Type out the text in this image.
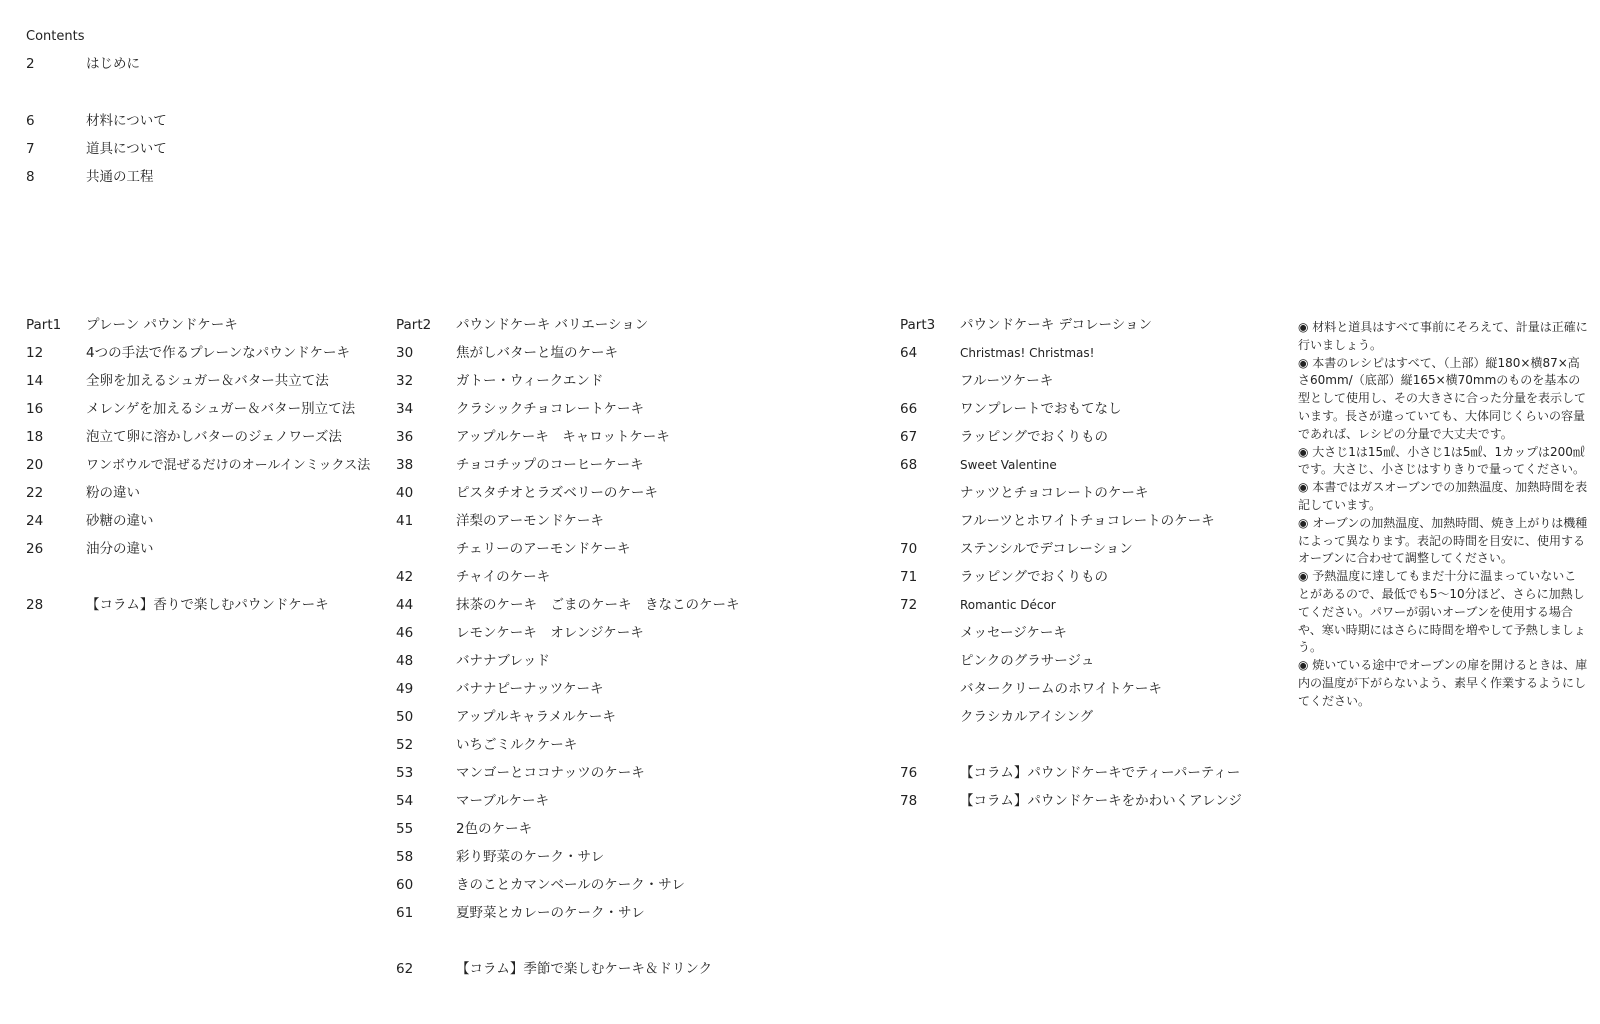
Contents
2	はじめに
6	材料について
7	道具について
8	共通の工程
Part1 プレーン パウンドケーキ
12	4つの手法で作るプレーンなパウンドケーキ
14	全卵を加えるシュガー＆バター共立て法
16	メレンゲを加えるシュガー＆バター別立て法
18	泡立て卵に溶かしバターのジェノワーズ法
20	ワンボウルで混ぜるだけのオールインミックス法
22	粉の違い
24	砂糖の違い
26	油分の違い
28	【コラム】香りで楽しむパウンドケーキ
Part2 パウンドケーキ バリエーション
30	焦がしバターと塩のケーキ
32	ガトー・ウィークエンド
34	クラシックチョコレートケーキ
36	アップルケーキ　キャロットケーキ
38	チョコチップのコーヒーケーキ
40	ピスタチオとラズベリーのケーキ
41	洋梨のアーモンドケーキ
チェリーのアーモンドケーキ
42	チャイのケーキ
44	抹茶のケーキ　ごまのケーキ　きなこのケーキ
46	レモンケーキ　オレンジケーキ
48	バナナブレッド
49	バナナピーナッツケーキ
50	アップルキャラメルケーキ
52	いちごミルクケーキ
53	マンゴーとココナッツのケーキ
54	マーブルケーキ
55	2色のケーキ
58	彩り野菜のケーク・サレ
60	きのことカマンベールのケーク・サレ
61	夏野菜とカレーのケーク・サレ
62	【コラム】季節で楽しむケーキ＆ドリンク
Part3 パウンドケーキ デコレーション
64	Christmas! Christmas!
フルーツケーキ
66	ワンプレートでおもてなし
67	ラッピングでおくりもの
68	Sweet Valentine
ナッツとチョコレートのケーキ
フルーツとホワイトチョコレートのケーキ
70	ステンシルでデコレーション
71	ラッピングでおくりもの
72	Romantic Décor
メッセージケーキ
ピンクのグラサージュ
バタークリームのホワイトケーキ
クラシカルアイシング
76	【コラム】パウンドケーキでティーパーティー
78	【コラム】パウンドケーキをかわいくアレンジ

◉ 材料と道具はすべて事前にそろえて、計量は正確に行いましょう。

◉ 本書のレシピはすべて、（上部）縦180×横87×高さ60mm/（底部）縦165×横70mmのものを基本の型として使用し、その大きさに合った分量を表示しています。長さが違っていても、大体同じくらいの容量であれば、レシピの分量で大丈夫です。

◉ 大さじ1は15㎖、小さじ1は5㎖、1カップは200㎖です。大さじ、小さじはすりきりで量ってください。

◉ 本書ではガスオーブンでの加熱温度、加熱時間を表記しています。

◉ オーブンの加熱温度、加熱時間、焼き上がりは機種によって異なります。表記の時間を目安に、使用するオーブンに合わせて調整してください。

◉ 予熱温度に達してもまだ十分に温まっていないことがあるので、最低でも5〜10分ほど、さらに加熱してください。パワーが弱いオーブンを使用する場合や、寒い時期にはさらに時間を増やして予熱しましょう。

◉ 焼いている途中でオーブンの扉を開けるときは、庫内の温度が下がらないよう、素早く作業するようにしてください。
